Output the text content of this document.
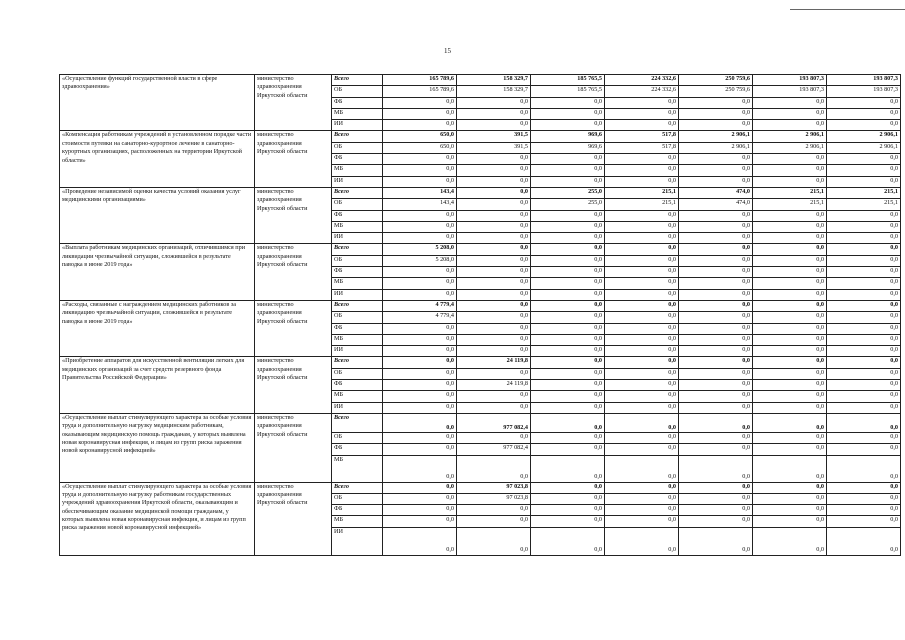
15
«Осуществление функций государственной власти в сфере здравоохранения»	министерство здравоохранения Иркутской области	Всего	165 789,6	158 329,7	185 765,5	224 332,6	250 759,6	193 807,3	193 807,3
		ОБ	165 789,6	158 329,7	185 765,5	224 332,6	250 759,6	193 807,3	193 807,3
		ФБ	0,0	0,0	0,0	0,0	0,0	0,0	0,0
		МБ	0,0	0,0	0,0	0,0	0,0	0,0	0,0
		ИИ	0,0	0,0	0,0	0,0	0,0	0,0	0,0
«Компенсация работникам учреждений в установленном порядке части стоимости путевки на санаторно-курортное лечение в санаторно-курортных организациях, расположенных на территории Иркутской области»	министерство здравоохранения Иркутской области	Всего	650,0	391,5	969,6	517,8	2 906,1	2 906,1	2 906,1
		ОБ	650,0	391,5	969,6	517,8	2 906,1	2 906,1	2 906,1
		ФБ	0,0	0,0	0,0	0,0	0,0	0,0	0,0
		МБ	0,0	0,0	0,0	0,0	0,0	0,0	0,0
		ИИ	0,0	0,0	0,0	0,0	0,0	0,0	0,0
«Проведение независимой оценки качества условий оказания услуг медицинскими организациями»	министерство здравоохранения Иркутской области	Всего	143,4	0,0	255,0	215,1	474,0	215,1	215,1
		ОБ	143,4	0,0	255,0	215,1	474,0	215,1	215,1
		ФБ	0,0	0,0	0,0	0,0	0,0	0,0	0,0
		МБ	0,0	0,0	0,0	0,0	0,0	0,0	0,0
		ИИ	0,0	0,0	0,0	0,0	0,0	0,0	0,0
«Выплата работникам медицинских организаций, отличившимся при ликвидации чрезвычайной ситуации, сложившейся в результате паводка в июне 2019 года»	министерство здравоохранения Иркутской области	Всего	5 208,0	0,0	0,0	0,0	0,0	0,0	0,0
		ОБ	5 208,0	0,0	0,0	0,0	0,0	0,0	0,0
		ФБ	0,0	0,0	0,0	0,0	0,0	0,0	0,0
		МБ	0,0	0,0	0,0	0,0	0,0	0,0	0,0
		ИИ	0,0	0,0	0,0	0,0	0,0	0,0	0,0
«Расходы, связанные с награждением медицинских работников за ликвидацию чрезвычайной ситуации, сложившейся в результате паводка в июне 2019 года»	министерство здравоохранения Иркутской области	Всего	4 779,4	0,0	0,0	0,0	0,0	0,0	0,0
		ОБ	4 779,4	0,0	0,0	0,0	0,0	0,0	0,0
		ФБ	0,0	0,0	0,0	0,0	0,0	0,0	0,0
		МБ	0,0	0,0	0,0	0,0	0,0	0,0	0,0
		ИИ	0,0	0,0	0,0	0,0	0,0	0,0	0,0
«Приобретение аппаратов для искусственной вентиляции легких для медицинских организаций за счет средств резервного фонда Правительства Российской Федерации»	министерство здравоохранения Иркутской области	Всего	0,0	24 119,8	0,0	0,0	0,0	0,0	0,0
		ОБ	0,0	0,0	0,0	0,0	0,0	0,0	0,0
		ФБ	0,0	24 119,8	0,0	0,0	0,0	0,0	0,0
		МБ	0,0	0,0	0,0	0,0	0,0	0,0	0,0
		ИИ	0,0	0,0	0,0	0,0	0,0	0,0	0,0
«Осуществление выплат стимулирующего характера за особые условия труда и дополнительную нагрузку медицинским работникам, оказывающим медицинскую помощь гражданам, у которых выявлена новая коронавирусная инфекция, и лицам из групп риска заражения новой коронавирусной инфекцией»	министерство здравоохранения Иркутской области	Всего	0,0	977 082,4	0,0	0,0	0,0	0,0	0,0
		ОБ	0,0	0,0	0,0	0,0	0,0	0,0	0,0
		ФБ	0,0	977 082,4	0,0	0,0	0,0	0,0	0,0
		МБ	0,0	0,0	0,0	0,0	0,0	0,0	0,0
«Осуществление выплат стимулирующего характера за особые условия труда и дополнительную нагрузку работникам государственных учреждений здравоохранения Иркутской области, оказывающим и обеспечивающим оказание медицинской помощи гражданам, у которых выявлена новая коронавирусная инфекция, и лицам из групп риска заражения новой коронавирусной инфекцией»	министерство здравоохранения Иркутской области	Всего	0,0	97 023,8	0,0	0,0	0,0	0,0	0,0
		ОБ	0,0	97 023,8	0,0	0,0	0,0	0,0	0,0
		ФБ	0,0	0,0	0,0	0,0	0,0	0,0	0,0
		МБ	0,0	0,0	0,0	0,0	0,0	0,0	0,0
		ИИ	0,0	0,0	0,0	0,0	0,0	0,0	0,0
